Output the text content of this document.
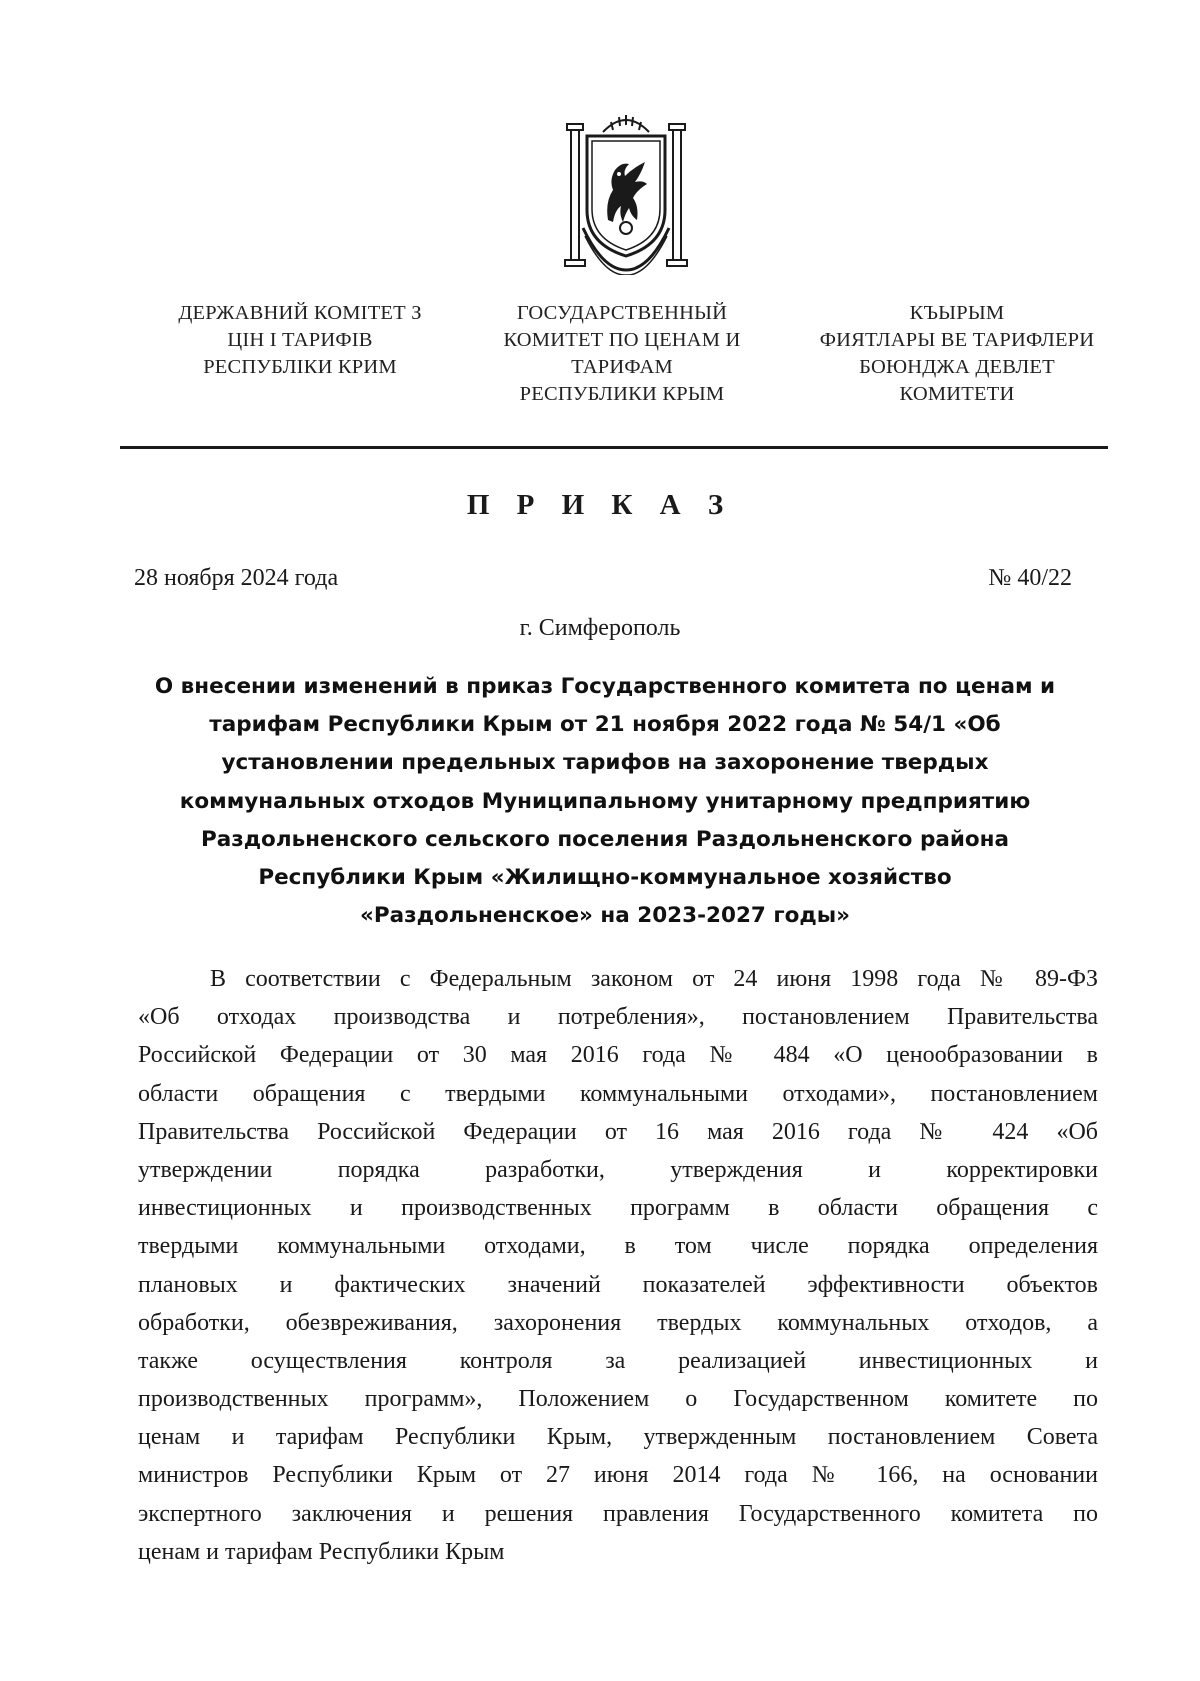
ДЕРЖАВНИЙ КОМІТЕТ З
ЦІН І ТАРИФІВ
РЕСПУБЛІКИ КРИМ
ГОСУДАРСТВЕННЫЙ
КОМИТЕТ ПО ЦЕНАМ И
ТАРИФАМ
РЕСПУБЛИКИ КРЫМ
КЪЫРЫМ
ФИЯТЛАРЫ ВЕ ТАРИФЛЕРИ
БОЮНДЖА ДЕВЛЕТ
КОМИТЕТИ
П Р И К А З
28 ноября 2024 года	№ 40/22
г. Симферополь
О внесении изменений в приказ Государственного комитета по ценам и
тарифам Республики Крым от 21 ноября 2022 года № 54/1 «Об
установлении предельных тарифов на захоронение твердых
коммунальных отходов Муниципальному унитарному предприятию
Раздольненского сельского поселения Раздольненского района
Республики Крым «Жилищно-коммунальное хозяйство
«Раздольненское» на 2023-2027 годы»
В соответствии с Федеральным законом от 24 июня 1998 года № 89-ФЗ
«Об отходах производства и потребления», постановлением Правительства
Российской Федерации от 30 мая 2016 года № 484 «О ценообразовании в
области обращения с твердыми коммунальными отходами», постановлением
Правительства Российской Федерации от 16 мая 2016 года № 424 «Об
утверждении порядка разработки, утверждения и корректировки
инвестиционных и производственных программ в области обращения с
твердыми коммунальными отходами, в том числе порядка определения
плановых и фактических значений показателей эффективности объектов
обработки, обезвреживания, захоронения твердых коммунальных отходов, а
также осуществления контроля за реализацией инвестиционных и
производственных программ», Положением о Государственном комитете по
ценам и тарифам Республики Крым, утвержденным постановлением Совета
министров Республики Крым от 27 июня 2014 года № 166, на основании
экспертного заключения и решения правления Государственного комитета по
ценам и тарифам Республики Крым
